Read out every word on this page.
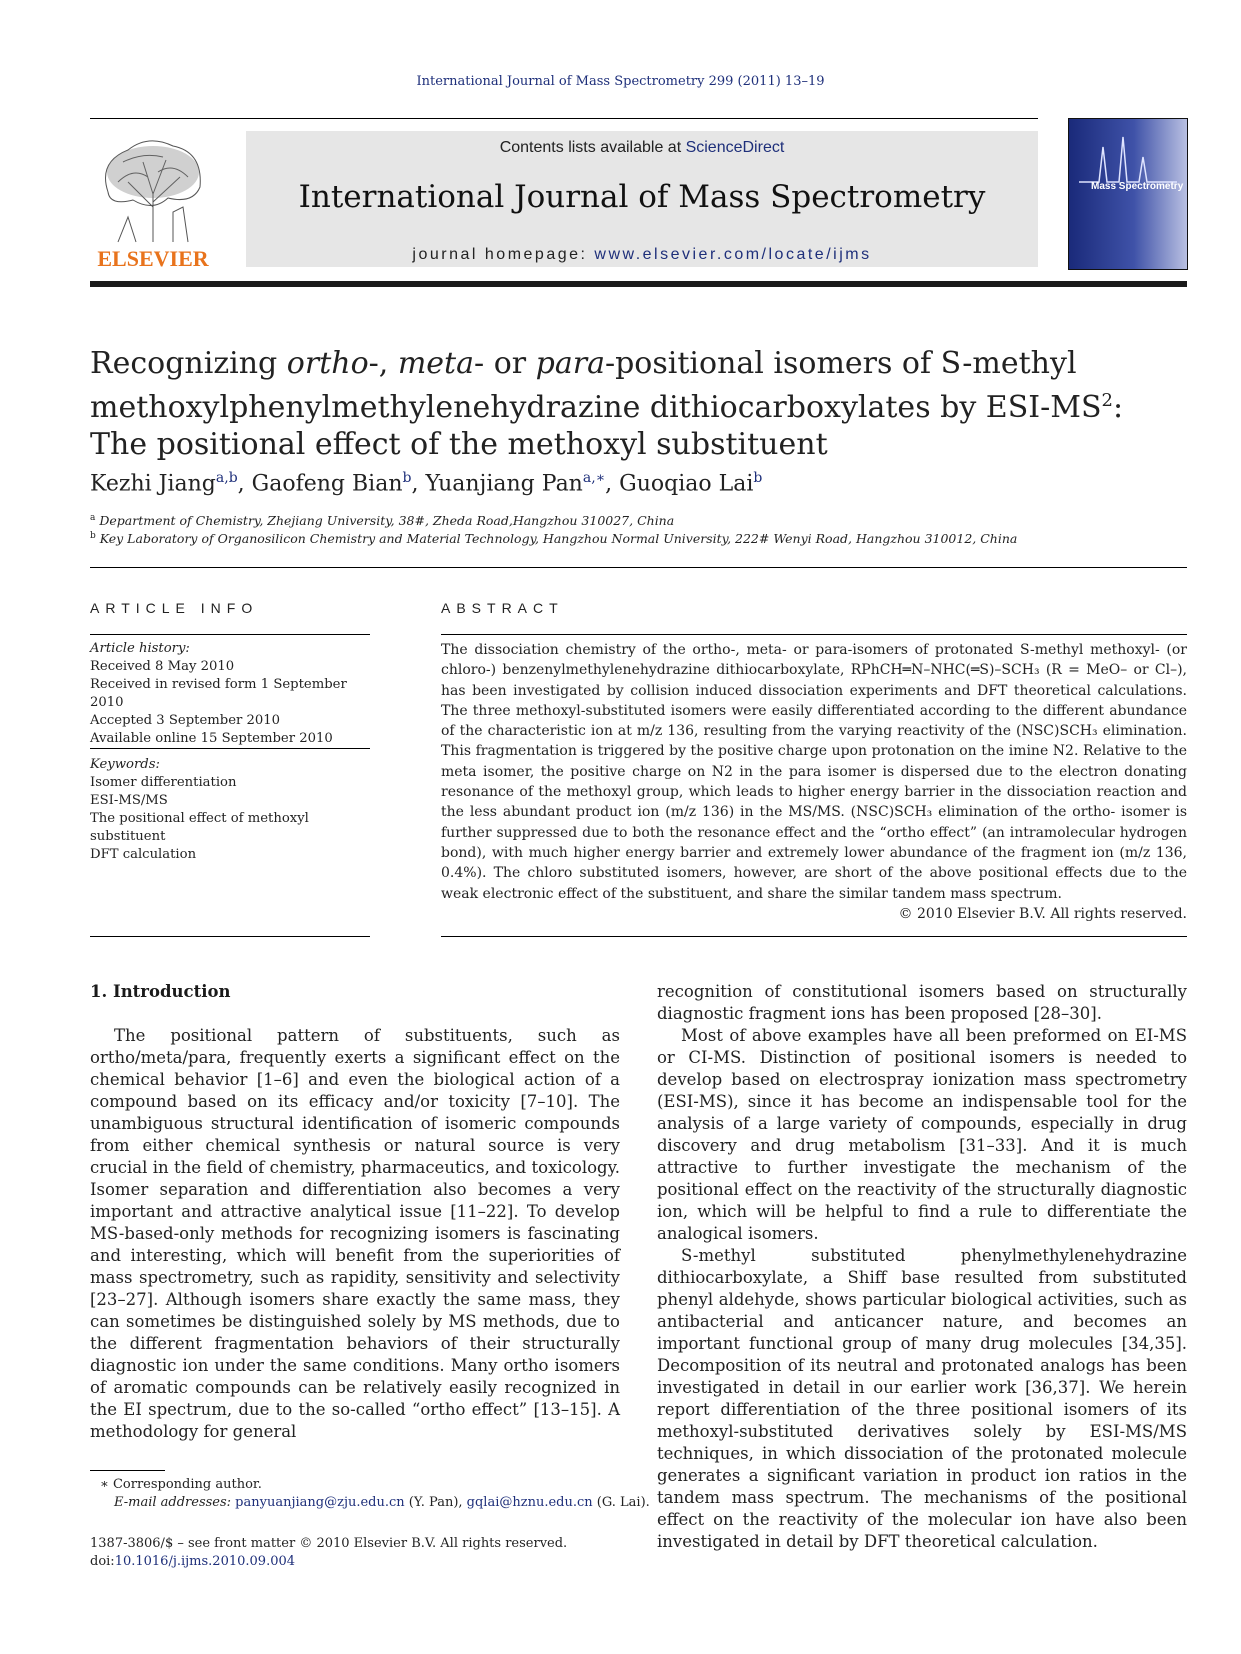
International Journal of Mass Spectrometry 299 (2011) 13–19
ELSEVIER
Contents lists available at ScienceDirect
International Journal of Mass Spectrometry
journal homepage: www.elsevier.com/locate/ijms
Mass Spectrometry
Recognizing ortho-, meta- or para-positional isomers of S-methyl
methoxylphenylmethylenehydrazine dithiocarboxylates by ESI-$MS^2$:
The positional effect of the methoxyl substituent
Kezhi Jiang$^{a,b}$, Gaofeng Bian$^b$, Yuanjiang Pan$^{a,∗}$, Guoqiao Lai$^b$
$^a$ Department of Chemistry, Zhejiang University, 38#, Zheda Road,Hangzhou 310027, China
$^b$ Key Laboratory of Organosilicon Chemistry and Material Technology, Hangzhou Normal University, 222# Wenyi Road, Hangzhou 310012, China
ARTICLE INFO	ABSTRACT
Article history:
Received 8 May 2010
Received in revised form 1 September 2010
Accepted 3 September 2010
Available online 15 September 2010
Keywords:
Isomer differentiation
ESI-MS/MS
The positional effect of methoxyl
substituent
DFT calculation
The dissociation chemistry of the ortho-, meta- or para-isomers of protonated S-methyl methoxyl- (or chloro-) benzenylmethylenehydrazine dithiocarboxylate, RPhCH═N–NHC(═S)–SCH₃ (R = MeO– or Cl–), has been investigated by collision induced dissociation experiments and DFT theoretical calculations. The three methoxyl-substituted isomers were easily differentiated according to the different abundance of the characteristic ion at m/z 136, resulting from the varying reactivity of the (NSC)SCH₃ elimination. This fragmentation is triggered by the positive charge upon protonation on the imine N2. Relative to the meta isomer, the positive charge on N2 in the para isomer is dispersed due to the electron donating resonance of the methoxyl group, which leads to higher energy barrier in the dissociation reaction and the less abundant product ion (m/z 136) in the MS/MS. (NSC)SCH₃ elimination of the ortho- isomer is further suppressed due to both the resonance effect and the “ortho effect” (an intramolecular hydrogen bond), with much higher energy barrier and extremely lower abundance of the fragment ion (m/z 136, 0.4%). The chloro substituted isomers, however, are short of the above positional effects due to the weak electronic effect of the substituent, and share the similar tandem mass spectrum.
© 2010 Elsevier B.V. All rights reserved.
1. Introduction

The positional pattern of substituents, such as ortho/meta/para, frequently exerts a significant effect on the chemical behavior [1–6] and even the biological action of a compound based on its efficacy and/or toxicity [7–10]. The unambiguous structural identification of isomeric compounds from either chemical synthesis or natural source is very crucial in the field of chemistry, pharmaceutics, and toxicology. Isomer separation and differentiation also becomes a very important and attractive analytical issue [11–22]. To develop MS-based-only methods for recognizing isomers is fascinating and interesting, which will benefit from the superiorities of mass spectrometry, such as rapidity, sensitivity and selectivity [23–27]. Although isomers share exactly the same mass, they can sometimes be distinguished solely by MS methods, due to the different fragmentation behaviors of their structurally diagnostic ion under the same conditions. Many ortho isomers of aromatic compounds can be relatively easily recognized in the EI spectrum, due to the so-called “ortho effect” [13–15]. A methodology for general

recognition of constitutional isomers based on structurally diagnostic fragment ions has been proposed [28–30].

Most of above examples have all been preformed on EI-MS or CI-MS. Distinction of positional isomers is needed to develop based on electrospray ionization mass spectrometry (ESI-MS), since it has become an indispensable tool for the analysis of a large variety of compounds, especially in drug discovery and drug metabolism [31–33]. And it is much attractive to further investigate the mechanism of the positional effect on the reactivity of the structurally diagnostic ion, which will be helpful to find a rule to differentiate the analogical isomers.

S-methyl substituted phenylmethylenehydrazine dithiocarboxylate, a Shiff base resulted from substituted phenyl aldehyde, shows particular biological activities, such as antibacterial and anticancer nature, and becomes an important functional group of many drug molecules [34,35]. Decomposition of its neutral and protonated analogs has been investigated in detail in our earlier work [36,37]. We herein report differentiation of the three positional isomers of its methoxyl-substituted derivatives solely by ESI-MS/MS techniques, in which dissociation of the protonated molecule generates a significant variation in product ion ratios in the tandem mass spectrum. The mechanisms of the positional effect on the reactivity of the molecular ion have also been investigated in detail by DFT theoretical calculation.

∗ Corresponding author.
E-mail addresses: panyuanjiang@zju.edu.cn (Y. Pan), gqlai@hznu.edu.cn (G. Lai).
1387-3806/$ – see front matter © 2010 Elsevier B.V. All rights reserved.
doi:10.1016/j.ijms.2010.09.004
